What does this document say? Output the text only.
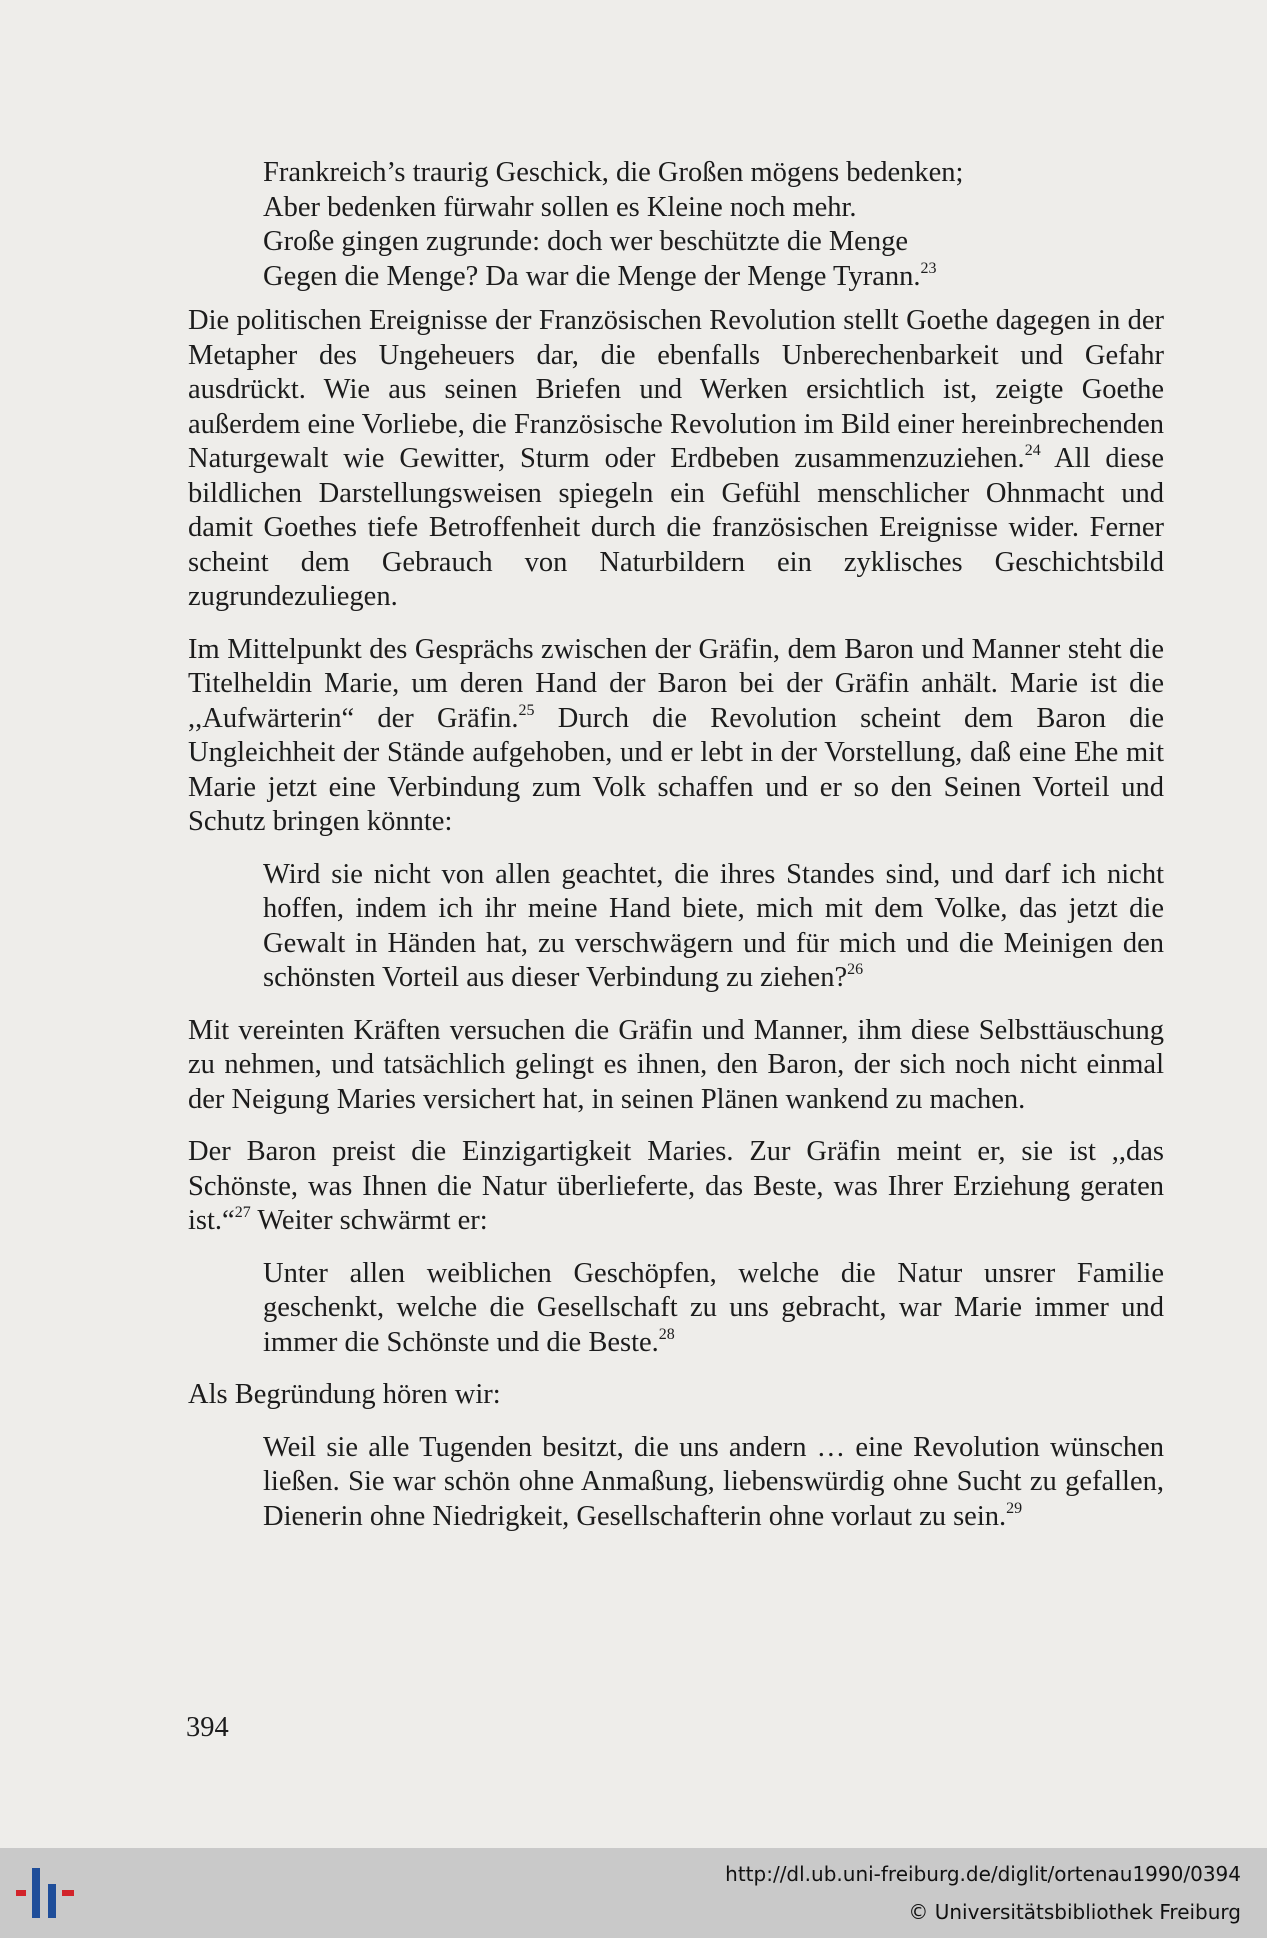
Frankreich’s traurig Geschick, die Großen mögens bedenken;
Aber bedenken fürwahr sollen es Kleine noch mehr.
Große gingen zugrunde: doch wer beschützte die Menge
Gegen die Menge? Da war die Menge der Menge Tyrann.$^{23}$

Die politischen Ereignisse der Französischen Revolution stellt Goethe dagegen in der Metapher des Ungeheuers dar, die ebenfalls Unberechenbarkeit und Gefahr ausdrückt. Wie aus seinen Briefen und Werken ersichtlich ist, zeigte Goethe außerdem eine Vorliebe, die Französische Revolution im Bild einer hereinbrechenden Naturgewalt wie Gewitter, Sturm oder Erdbeben zusammenzuziehen.$^{24}$ All diese bildlichen Darstellungsweisen spiegeln ein Gefühl menschlicher Ohnmacht und damit Goethes tiefe Betroffenheit durch die französischen Ereignisse wider. Ferner scheint dem Gebrauch von Naturbildern ein zyklisches Geschichtsbild zugrundezuliegen.

Im Mittelpunkt des Gesprächs zwischen der Gräfin, dem Baron und Manner steht die Titelheldin Marie, um deren Hand der Baron bei der Gräfin anhält. Marie ist die ,,Aufwärterin“ der Gräfin.$^{25}$ Durch die Revolution scheint dem Baron die Ungleichheit der Stände aufgehoben, und er lebt in der Vorstellung, daß eine Ehe mit Marie jetzt eine Verbindung zum Volk schaffen und er so den Seinen Vorteil und Schutz bringen könnte:

Wird sie nicht von allen geachtet, die ihres Standes sind, und darf ich nicht hoffen, indem ich ihr meine Hand biete, mich mit dem Volke, das jetzt die Gewalt in Händen hat, zu verschwägern und für mich und die Meinigen den schönsten Vorteil aus dieser Verbindung zu ziehen?$^{26}$

Mit vereinten Kräften versuchen die Gräfin und Manner, ihm diese Selbsttäuschung zu nehmen, und tatsächlich gelingt es ihnen, den Baron, der sich noch nicht einmal der Neigung Maries versichert hat, in seinen Plänen wankend zu machen.

Der Baron preist die Einzigartigkeit Maries. Zur Gräfin meint er, sie ist ,,das Schönste, was Ihnen die Natur überlieferte, das Beste, was Ihrer Erziehung geraten ist.“$^{27}$ Weiter schwärmt er:

Unter allen weiblichen Geschöpfen, welche die Natur unsrer Familie geschenkt, welche die Gesellschaft zu uns gebracht, war Marie immer und immer die Schönste und die Beste.$^{28}$

Als Begründung hören wir:

Weil sie alle Tugenden besitzt, die uns andern … eine Revolution wünschen ließen. Sie war schön ohne Anmaßung, liebenswürdig ohne Sucht zu gefallen, Dienerin ohne Niedrigkeit, Gesellschafterin ohne vorlaut zu sein.$^{29}$

394
http://dl.ub.uni-freiburg.de/diglit/ortenau1990/0394
© Universitätsbibliothek Freiburg
